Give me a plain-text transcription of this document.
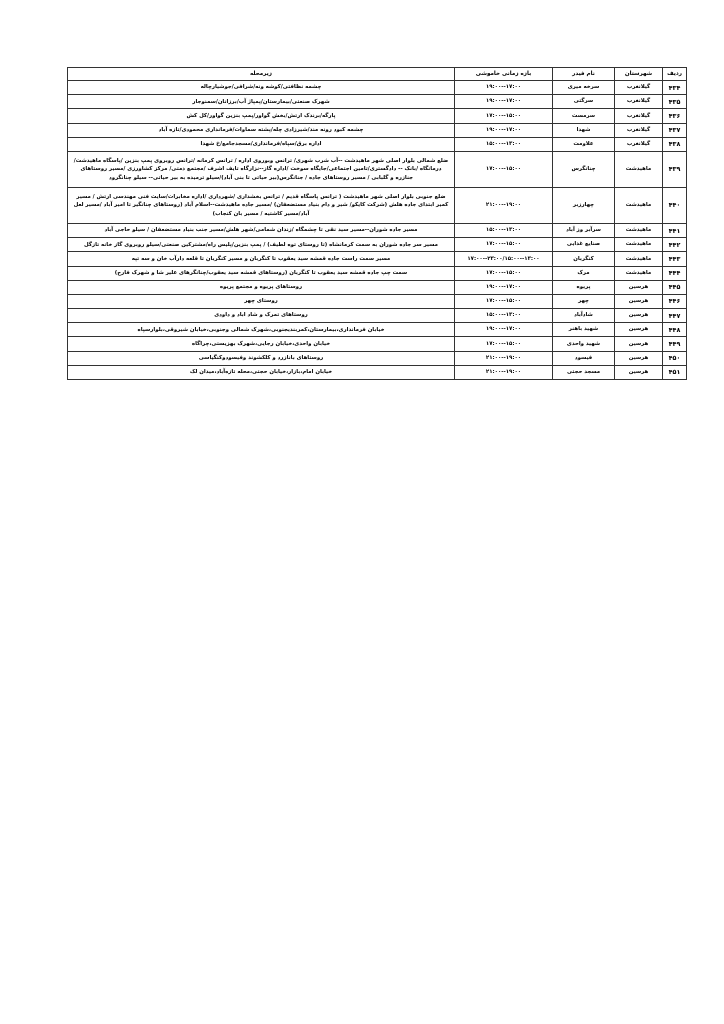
ردیف	شهرستان	نام فیدر	بازه زمانی خاموشی	زیرمحله
۴۳۴	گیلانغرب	سرخه میری	۱۷:۰۰--۱۹:۰۰	چشمه نظافتی/کوشه ونه/شرافی/جوشیارچاله
۴۳۵	گیلانغرب	سرگتی	۱۷:۰۰--۱۹:۰۰	شهرک صنعتی/بیمارستان/پمپاژ آب/برزانان/سمنوجار
۴۳۶	گیلانغرب	سرمست	۱۵:۰۰--۱۷:۰۰	پارگه/برندک ارتش/بخش گواور/پمپ بنزین گواور/کل کش
۴۳۷	گیلانغرب	شهدا	۱۷:۰۰--۱۹:۰۰	چشمه کبود رونه مند/شیرزادی چله/پشته سماوات/فرمانداری محمودی/تازه آباد
۴۳۸	گیلانغرب	علاومت	۱۳:۰۰--۱۵:۰۰	اداره برق/سپاه/فرمانداری/مسجدجامع/خ شهدا
۴۳۹	ماهیدشت	چنانگرس	۱۵:۰۰--۱۷:۰۰	ضلع شمالی بلوار اصلی شهر ماهیدشت --آب شرب شهری/ ترانس وبوروی اداره / ترانس کرمانه /ترانس روبروی پمپ بنزین /پاسگاه ماهیدشت/ درمانگاه /بانک -- دادگستری/تامین اجتماعی/جایگاه سوخت /اداره گاز--نزارگاه تایف اشرف /مجتمع ذمتی/ مرکز کشاورزی /مسیر روستاهای جنازره و گلبابی / مسیر روستاهای جاده / جنانگرس(بیر حیاتی تا بنی آباد)/سیلو ترمیده به بیر حیاتی-- سیلو چنانگرود
۴۴۰	ماهیدشت	چهارزبر	۱۹:۰۰--۲۱:۰۰	ضلع جنوبی بلوار اصلی شهر ماهیدشت ( ترانس پاسگاه قدیم / ترانس بخشداری /شهرداری /اداره مخابرات/سایت فنی مهندسی ارتش / مسیر کمیر ابتدای جاده هلش (شرکت کایکو/ شیر و دام بنیاد مستضعفان) /مسیر جاده ماهیدشت--اسلام آباد (روستاهای چنانگیر تا امیر آباد /مسیر لعل آباد/مسیر کاشتیه / مسیر بان کنجاب)
۴۴۱	ماهیدشت	سرآبر وز آباد	۱۳:۰۰--۱۵:۰۰	مسیر جاده شوران--مسیر سید نقی تا چشمگاه /زندان شمامی/شهر هلش/مسیر جنب بنیاد مستضعفان / سیلو حاجی آباد
۴۴۲	ماهیدشت	صنایع غذایی	۱۵:۰۰--۱۷:۰۰	مسیر سر جاده شوران به سمت کرمانشاه (تا روستای توه لطیف) / پمپ بنزین/پلیس راه/مشترکین صنعتی/سیلو روبروی گاز خانه تازگل
۴۴۳	ماهیدشت	کنگربان	۱۳:۰۰--۲۳:۰۰/۱۵:۰۰--۱۷:۰۰	مسیر سمت راست جاده قمشه سید یعقوب تا کنگربان و مسیر کنگربان تا قلعه دارآب خان و سه تپه
۴۴۴	ماهیدشت	مرک	۱۵:۰۰--۱۷:۰۰	سمت چپ جاده قمشه سید یعقوب تا کنگربان (روستاهای قمشه سید یعقوب/چنانگرهای علیر شا و شهرک فارج)
۴۴۵	هرسین	پریوه	۱۷:۰۰--۱۹:۰۰	روستاهای پریوه و مجتمع پریوه
۴۴۶	هرسین	چهر	۱۵:۰۰--۱۷:۰۰	روستای چهر
۴۴۷	هرسین	شادآباد	۱۳:۰۰--۱۵:۰۰	روستاهای تمرک و شاد اباد و داودی
۴۴۸	هرسین	شهید باهنر	۱۷:۰۰--۱۹:۰۰	خیابان فرمانداری،بیمارستان،کمربندیجنوبی،شهرک شمالی وجنوبی،خیابان شیروقی،بلوارسپاه
۴۴۹	هرسین	شهید واحدی	۱۵:۰۰--۱۷:۰۰	خیابان واحدی،خیابان رجایی،شهرک بهزیستی،چراگاه
۴۵۰	هرسین	فیسود	۱۹:۰۰--۲۱:۰۰	روستاهای بانازرد و کلکشوند وفیسودوکنگیاسی
۴۵۱	هرسین	مسجد حجتی	۱۹:۰۰--۲۱:۰۰	خیابان امام،بازار،خیابان حجتی،محله تازه‌آباد،میدان لک
